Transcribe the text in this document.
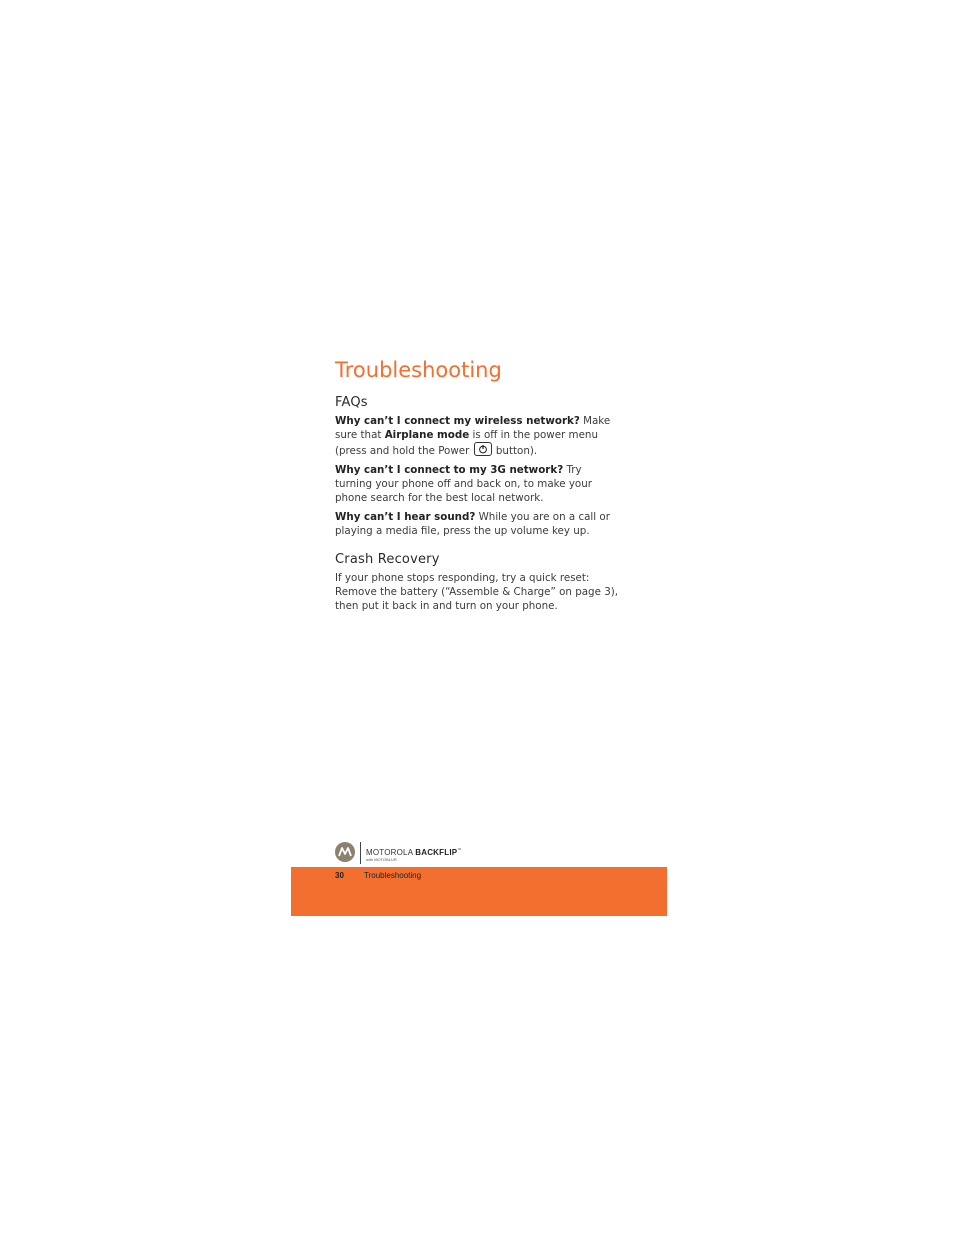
Troubleshooting
FAQs

Why can’t I connect my wireless network? Make sure that Airplane mode is off in the power menu (press and hold the Power
button).

Why can’t I connect to my 3G network? Try turning your phone off and back on, to make your phone search for the best local network.

Why can’t I hear sound? While you are on a call or playing a media file, press the up volume key up.

Crash Recovery

If your phone stops responding, try a quick reset: Remove the battery (“Assemble & Charge” on page 3), then put it back in and turn on your phone.

MOTOROLA BACKFLIP™
with MOTOBLUR
30	Troubleshooting
